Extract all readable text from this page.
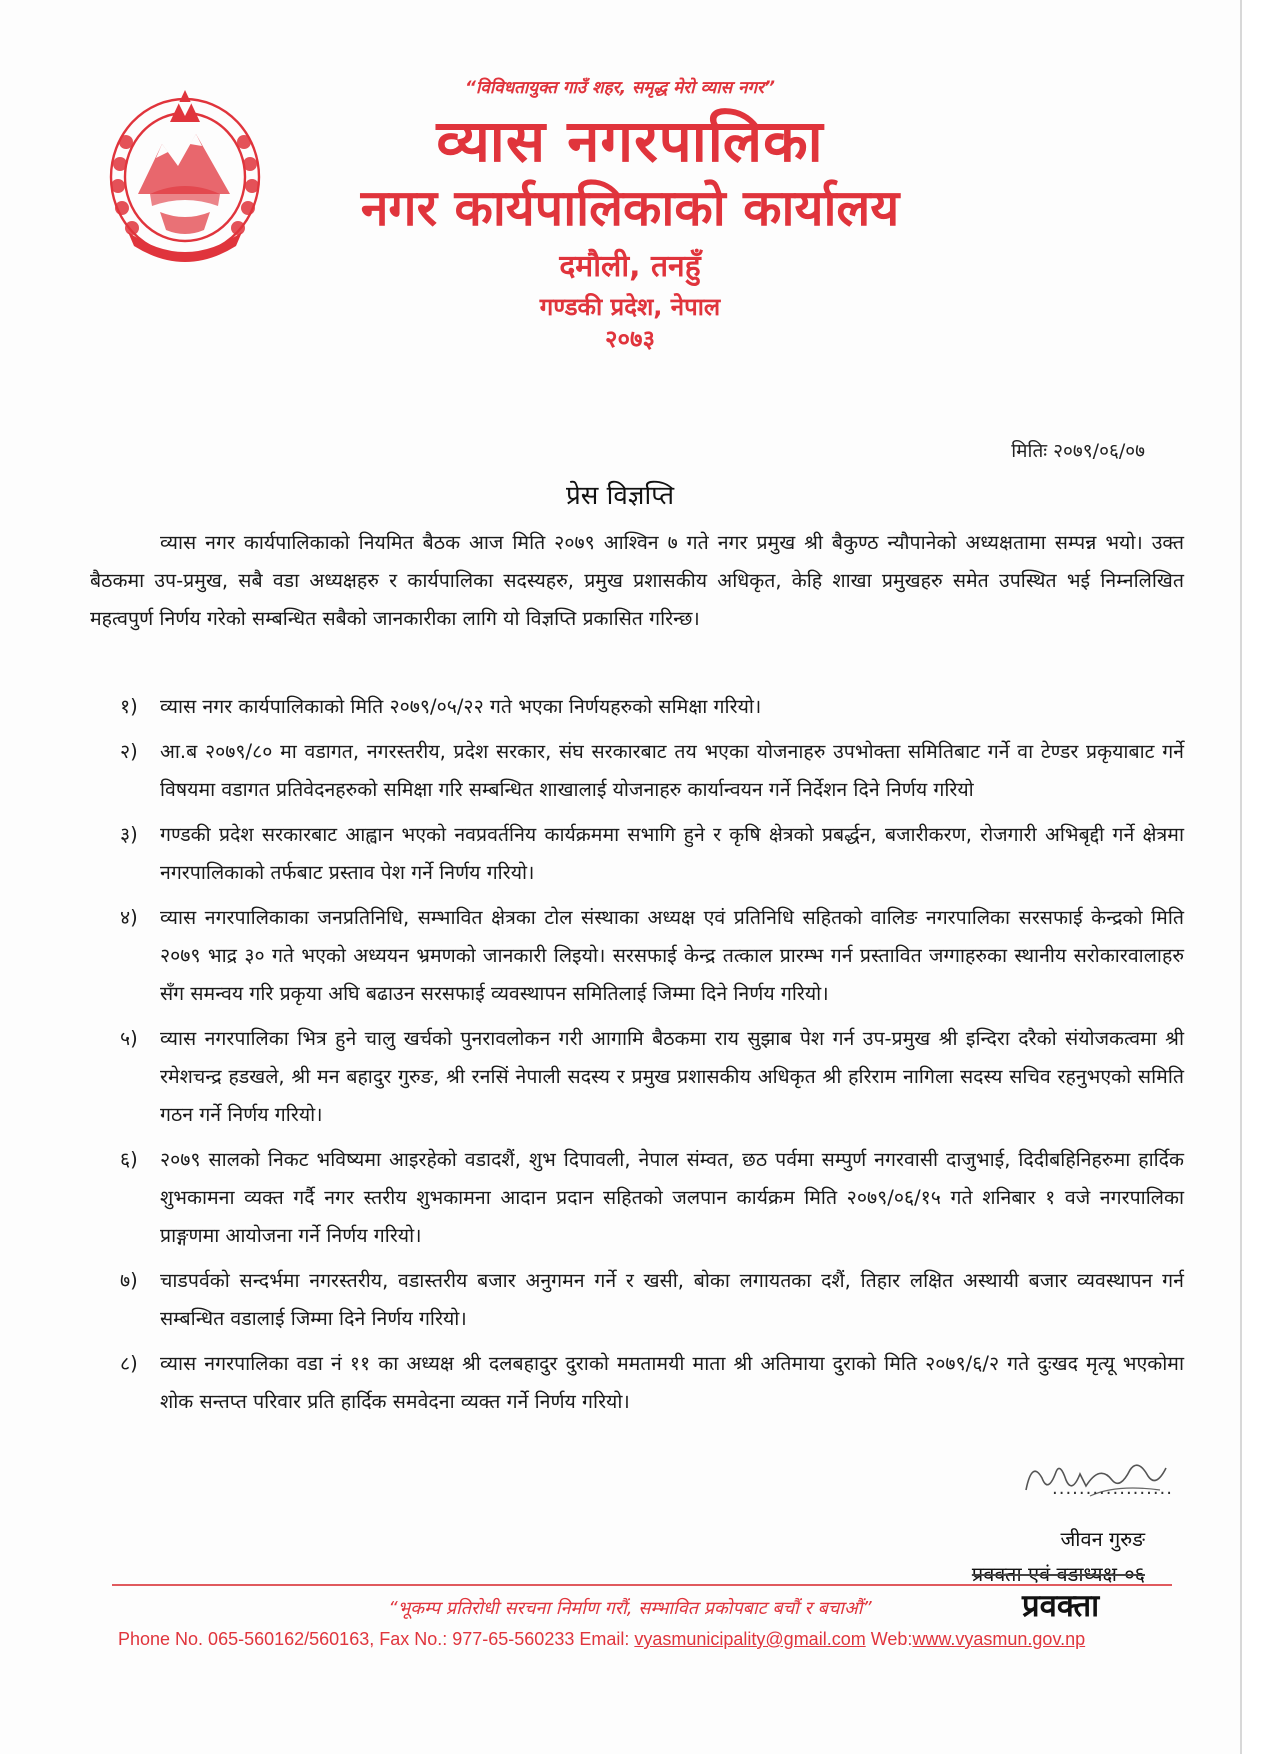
“विविधतायुक्त गाउँ शहर, समृद्ध मेरो व्यास नगर”
व्यास नगरपालिका
नगर कार्यपालिकाको कार्यालय
दमौली, तनहुँ
गण्डकी प्रदेश, नेपाल
२०७३
मितिः २०७९/०६/०७
प्रेस विज्ञप्ति

व्यास नगर कार्यपालिकाको नियमित बैठक आज मिति २०७९ आश्विन ७ गते नगर प्रमुख श्री बैकुण्ठ न्यौपानेको अध्यक्षतामा सम्पन्न भयो। उक्त बैठकमा उप-प्रमुख, सबै वडा अध्यक्षहरु र कार्यपालिका सदस्यहरु, प्रमुख प्रशासकीय अधिकृत, केहि शाखा प्रमुखहरु समेत उपस्थित भई निम्नलिखित महत्वपुर्ण निर्णय गरेको सम्बन्धित सबैको जानकारीका लागि यो विज्ञप्ति प्रकासित गरिन्छ।

१) व्यास नगर कार्यपालिकाको मिति २०७९/०५/२२ गते भएका निर्णयहरुको समिक्षा गरियो।
२) आ.ब २०७९/८० मा वडागत, नगरस्तरीय, प्रदेश सरकार, संघ सरकारबाट तय भएका योजनाहरु उपभोक्ता समितिबाट गर्ने वा टेण्डर प्रकृयाबाट गर्ने विषयमा वडागत प्रतिवेदनहरुको समिक्षा गरि सम्बन्धित शाखालाई योजनाहरु कार्यान्वयन गर्ने निर्देशन दिने निर्णय गरियो
३) गण्डकी प्रदेश सरकारबाट आह्वान भएको नवप्रवर्तनिय कार्यक्रममा सभागि हुने र कृषि क्षेत्रको प्रबर्द्धन, बजारीकरण, रोजगारी अभिबृद्दी गर्ने क्षेत्रमा नगरपालिकाको तर्फबाट प्रस्ताव पेश गर्ने निर्णय गरियो।
४) व्यास नगरपालिकाका जनप्रतिनिधि, सम्भावित क्षेत्रका टोल संस्थाका अध्यक्ष एवं प्रतिनिधि सहितको वालिङ नगरपालिका सरसफाई केन्द्रको मिति २०७९ भाद्र ३० गते भएको अध्ययन भ्रमणको जानकारी लिइयो। सरसफाई केन्द्र तत्काल प्रारम्भ गर्न प्रस्तावित जग्गाहरुका स्थानीय सरोकारवालाहरु सँग समन्वय गरि प्रकृया अघि बढाउन सरसफाई व्यवस्थापन समितिलाई जिम्मा दिने निर्णय गरियो।
५) व्यास नगरपालिका भित्र हुने चालु खर्चको पुनरावलोकन गरी आगामि बैठकमा राय सुझाब पेश गर्न उप-प्रमुख श्री इन्दिरा दरैको संयोजकत्वमा श्री रमेशचन्द्र हडखले, श्री मन बहादुर गुरुङ, श्री रनसिं नेपाली सदस्य र प्रमुख प्रशासकीय अधिकृत श्री हरिराम नागिला सदस्य सचिव रहनुभएको समिति गठन गर्ने निर्णय गरियो।
६) २०७९ सालको निकट भविष्यमा आइरहेको वडादशैं, शुभ दिपावली, नेपाल संम्वत, छठ पर्वमा सम्पुर्ण नगरवासी दाजुभाई, दिदीबहिनिहरुमा हार्दिक शुभकामना व्यक्त गर्दै नगर स्तरीय शुभकामना आदान प्रदान सहितको जलपान कार्यक्रम मिति २०७९/०६/१५ गते शनिबार १ वजे नगरपालिका प्राङ्गणमा आयोजना गर्ने निर्णय गरियो।
७) चाडपर्वको सन्दर्भमा नगरस्तरीय, वडास्तरीय बजार अनुगमन गर्ने र खसी, बोका लगायतका दशैं, तिहार लक्षित अस्थायी बजार व्यवस्थापन गर्न सम्बन्धित वडालाई जिम्मा दिने निर्णय गरियो।
८) व्यास नगरपालिका वडा नं ११ का अध्यक्ष श्री दलबहादुर दुराको ममतामयी माता श्री अतिमाया दुराको मिति २०७९/६/२ गते दुःखद मृत्यू भएकोमा शोक सन्तप्त परिवार प्रति हार्दिक समवेदना व्यक्त गर्ने निर्णय गरियो।
..................
जीवन गुरुङ
प्रवक्ता एवं वडाध्यक्ष-०६
प्रवक्ता
“भूकम्प प्रतिरोधी सरचना निर्माण गरौं, सम्भावित प्रकोपबाट बचौं र बचाऔं”
Phone No. 065-560162/560163, Fax No.: 977-65-560233 Email: vyasmunicipality@gmail.com Web:www.vyasmun.gov.np
